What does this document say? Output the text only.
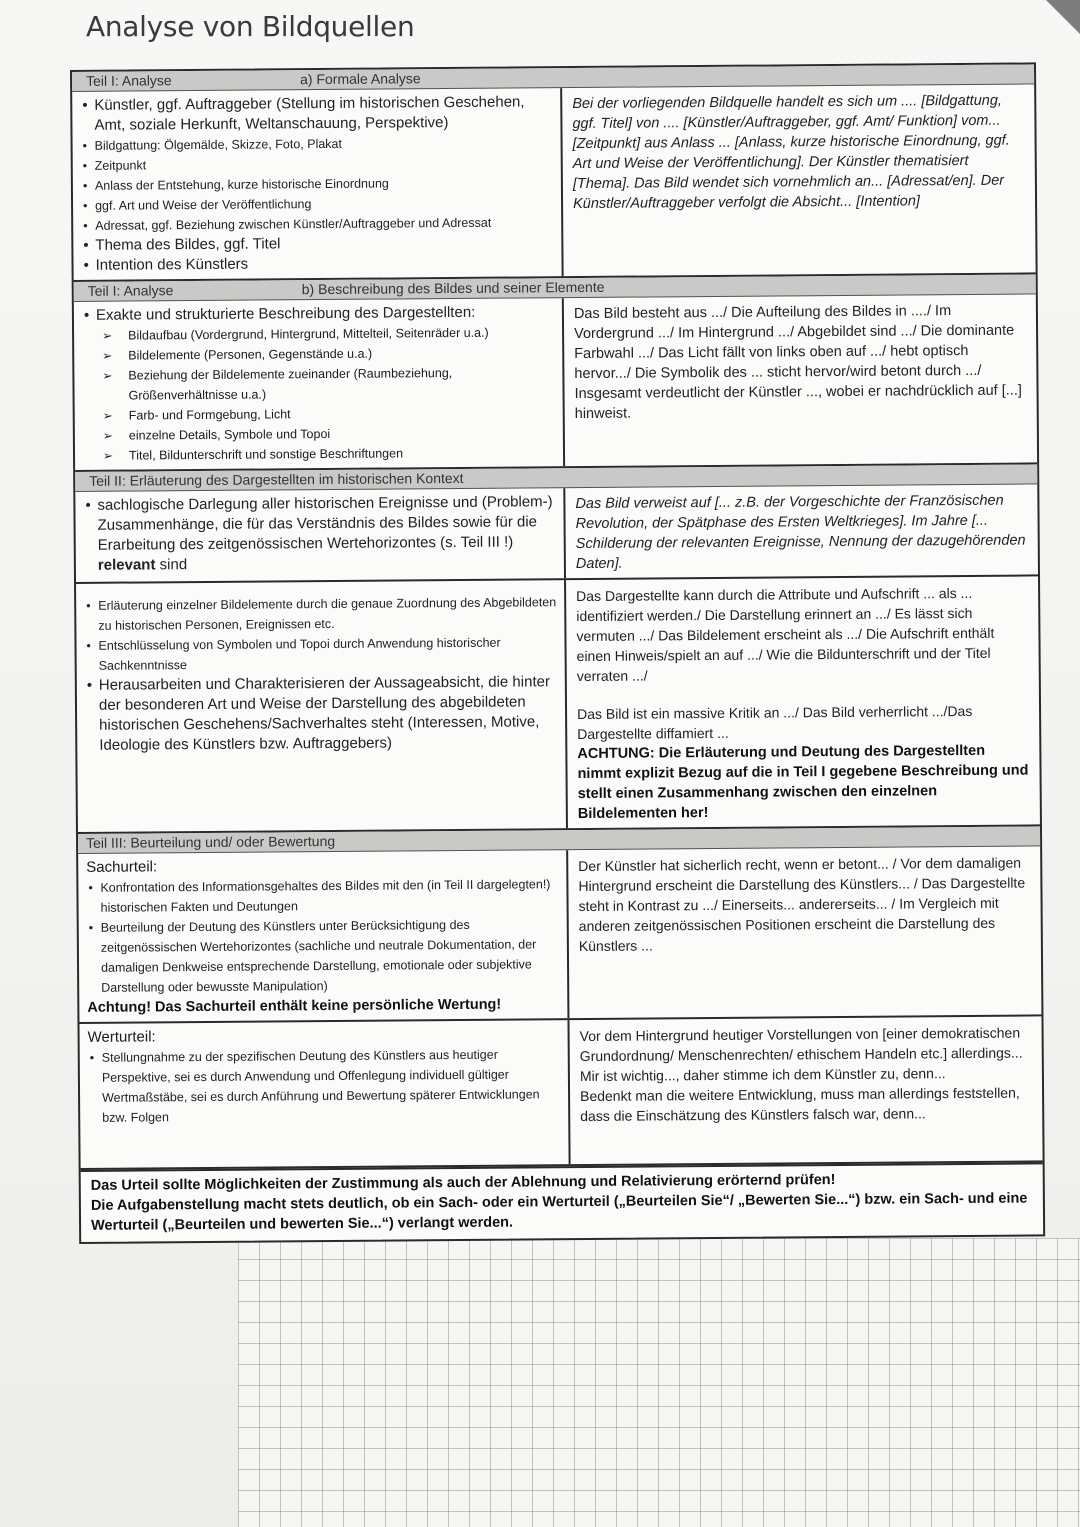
Analyse von Bildquellen
Teil I: Analyse	a) Formale Analyse
• Künstler, ggf. Auftraggeber (Stellung im historischen Geschehen, Amt, soziale Herkunft, Weltanschauung, Perspektive)
• Bildgattung: Ölgemälde, Skizze, Foto, Plakat
• Zeitpunkt
• Anlass der Entstehung, kurze historische Einordnung
• ggf. Art und Weise der Veröffentlichung
• Adressat, ggf. Beziehung zwischen Künstler/Auftraggeber und Adressat
• Thema des Bildes, ggf. Titel
• Intention des Künstlers
Bei der vorliegenden Bildquelle handelt es sich um .... [Bildgattung, ggf. Titel] von .... [Künstler/Auftraggeber, ggf. Amt/ Funktion] vom... [Zeitpunkt] aus Anlass ... [Anlass, kurze historische Einordnung, ggf. Art und Weise der Veröffentlichung]. Der Künstler thematisiert [Thema]. Das Bild wendet sich vornehmlich an... [Adressat/en]. Der Künstler/Auftraggeber verfolgt die Absicht... [Intention]
Teil I: Analyse	b) Beschreibung des Bildes und seiner Elemente
• Exakte und strukturierte Beschreibung des Dargestellten:
➢ Bildaufbau (Vordergrund, Hintergrund, Mittelteil, Seitenräder u.a.)
➢ Bildelemente (Personen, Gegenstände u.a.)
➢ Beziehung der Bildelemente zueinander (Raumbeziehung, Größenverhältnisse u.a.)
➢ Farb- und Formgebung, Licht
➢ einzelne Details, Symbole und Topoi
➢ Titel, Bildunterschrift und sonstige Beschriftungen
Das Bild besteht aus .../ Die Aufteilung des Bildes in ..../ Im Vordergrund .../ Im Hintergrund .../ Abgebildet sind .../ Die dominante Farbwahl .../ Das Licht fällt von links oben auf .../ hebt optisch hervor.../ Die Symbolik des ... sticht hervor/wird betont durch .../ Insgesamt verdeutlicht der Künstler ..., wobei er nachdrücklich auf [...] hinweist.
Teil II: Erläuterung des Dargestellten im historischen Kontext
• sachlogische Darlegung aller historischen Ereignisse und (Problem-) Zusammenhänge, die für das Verständnis des Bildes sowie für die Erarbeitung des zeitgenössischen Wertehorizontes (s. Teil III !) relevant sind
Das Bild verweist auf [... z.B. der Vorgeschichte der Französischen Revolution, der Spätphase des Ersten Weltkrieges]. Im Jahre [... Schilderung der relevanten Ereignisse, Nennung der dazugehörenden Daten].
• Erläuterung einzelner Bildelemente durch die genaue Zuordnung des Abgebildeten zu historischen Personen, Ereignissen etc.
• Entschlüsselung von Symbolen und Topoi durch Anwendung historischer Sachkenntnisse
• Herausarbeiten und Charakterisieren der Aussageabsicht, die hinter der besonderen Art und Weise der Darstellung des abgebildeten historischen Geschehens/Sachverhaltes steht (Interessen, Motive, Ideologie des Künstlers bzw. Auftraggebers)
Das Dargestellte kann durch die Attribute und Aufschrift ... als ... identifiziert werden./ Die Darstellung erinnert an .../ Es lässt sich vermuten .../ Das Bildelement erscheint als .../ Die Aufschrift enthält einen Hinweis/spielt an auf .../ Wie die Bildunterschrift und der Titel verraten .../
Das Bild ist ein massive Kritik an .../ Das Bild verherrlicht .../Das Dargestellte diffamiert ...
ACHTUNG: Die Erläuterung und Deutung des Dargestellten nimmt explizit Bezug auf die in Teil I gegebene Beschreibung und stellt einen Zusammenhang zwischen den einzelnen Bildelementen her!
Teil III: Beurteilung und/ oder Bewertung
Sachurteil:
• Konfrontation des Informationsgehaltes des Bildes mit den (in Teil II dargelegten!) historischen Fakten und Deutungen
• Beurteilung der Deutung des Künstlers unter Berücksichtigung des zeitgenössischen Wertehorizontes (sachliche und neutrale Dokumentation, der damaligen Denkweise entsprechende Darstellung, emotionale oder subjektive Darstellung oder bewusste Manipulation)
Achtung! Das Sachurteil enthält keine persönliche Wertung!
Der Künstler hat sicherlich recht, wenn er betont... / Vor dem damaligen Hintergrund erscheint die Darstellung des Künstlers... / Das Dargestellte steht in Kontrast zu .../ Einerseits... andererseits... / Im Vergleich mit anderen zeitgenössischen Positionen erscheint die Darstellung des Künstlers ...
Werturteil:
• Stellungnahme zu der spezifischen Deutung des Künstlers aus heutiger Perspektive, sei es durch Anwendung und Offenlegung individuell gültiger Wertmaßstäbe, sei es durch Anführung und Bewertung späterer Entwicklungen bzw. Folgen
Vor dem Hintergrund heutiger Vorstellungen von [einer demokratischen Grundordnung/ Menschenrechten/ ethischem Handeln etc.] allerdings...
Mir ist wichtig..., daher stimme ich dem Künstler zu, denn...
Bedenkt man die weitere Entwicklung, muss man allerdings feststellen, dass die Einschätzung des Künstlers falsch war, denn...
Das Urteil sollte Möglichkeiten der Zustimmung als auch der Ablehnung und Relativierung erörternd prüfen!
Die Aufgabenstellung macht stets deutlich, ob ein Sach- oder ein Werturteil („Beurteilen Sie“/ „Bewerten Sie...“) bzw. ein Sach- und eine Werturteil („Beurteilen und bewerten Sie...“) verlangt werden.
